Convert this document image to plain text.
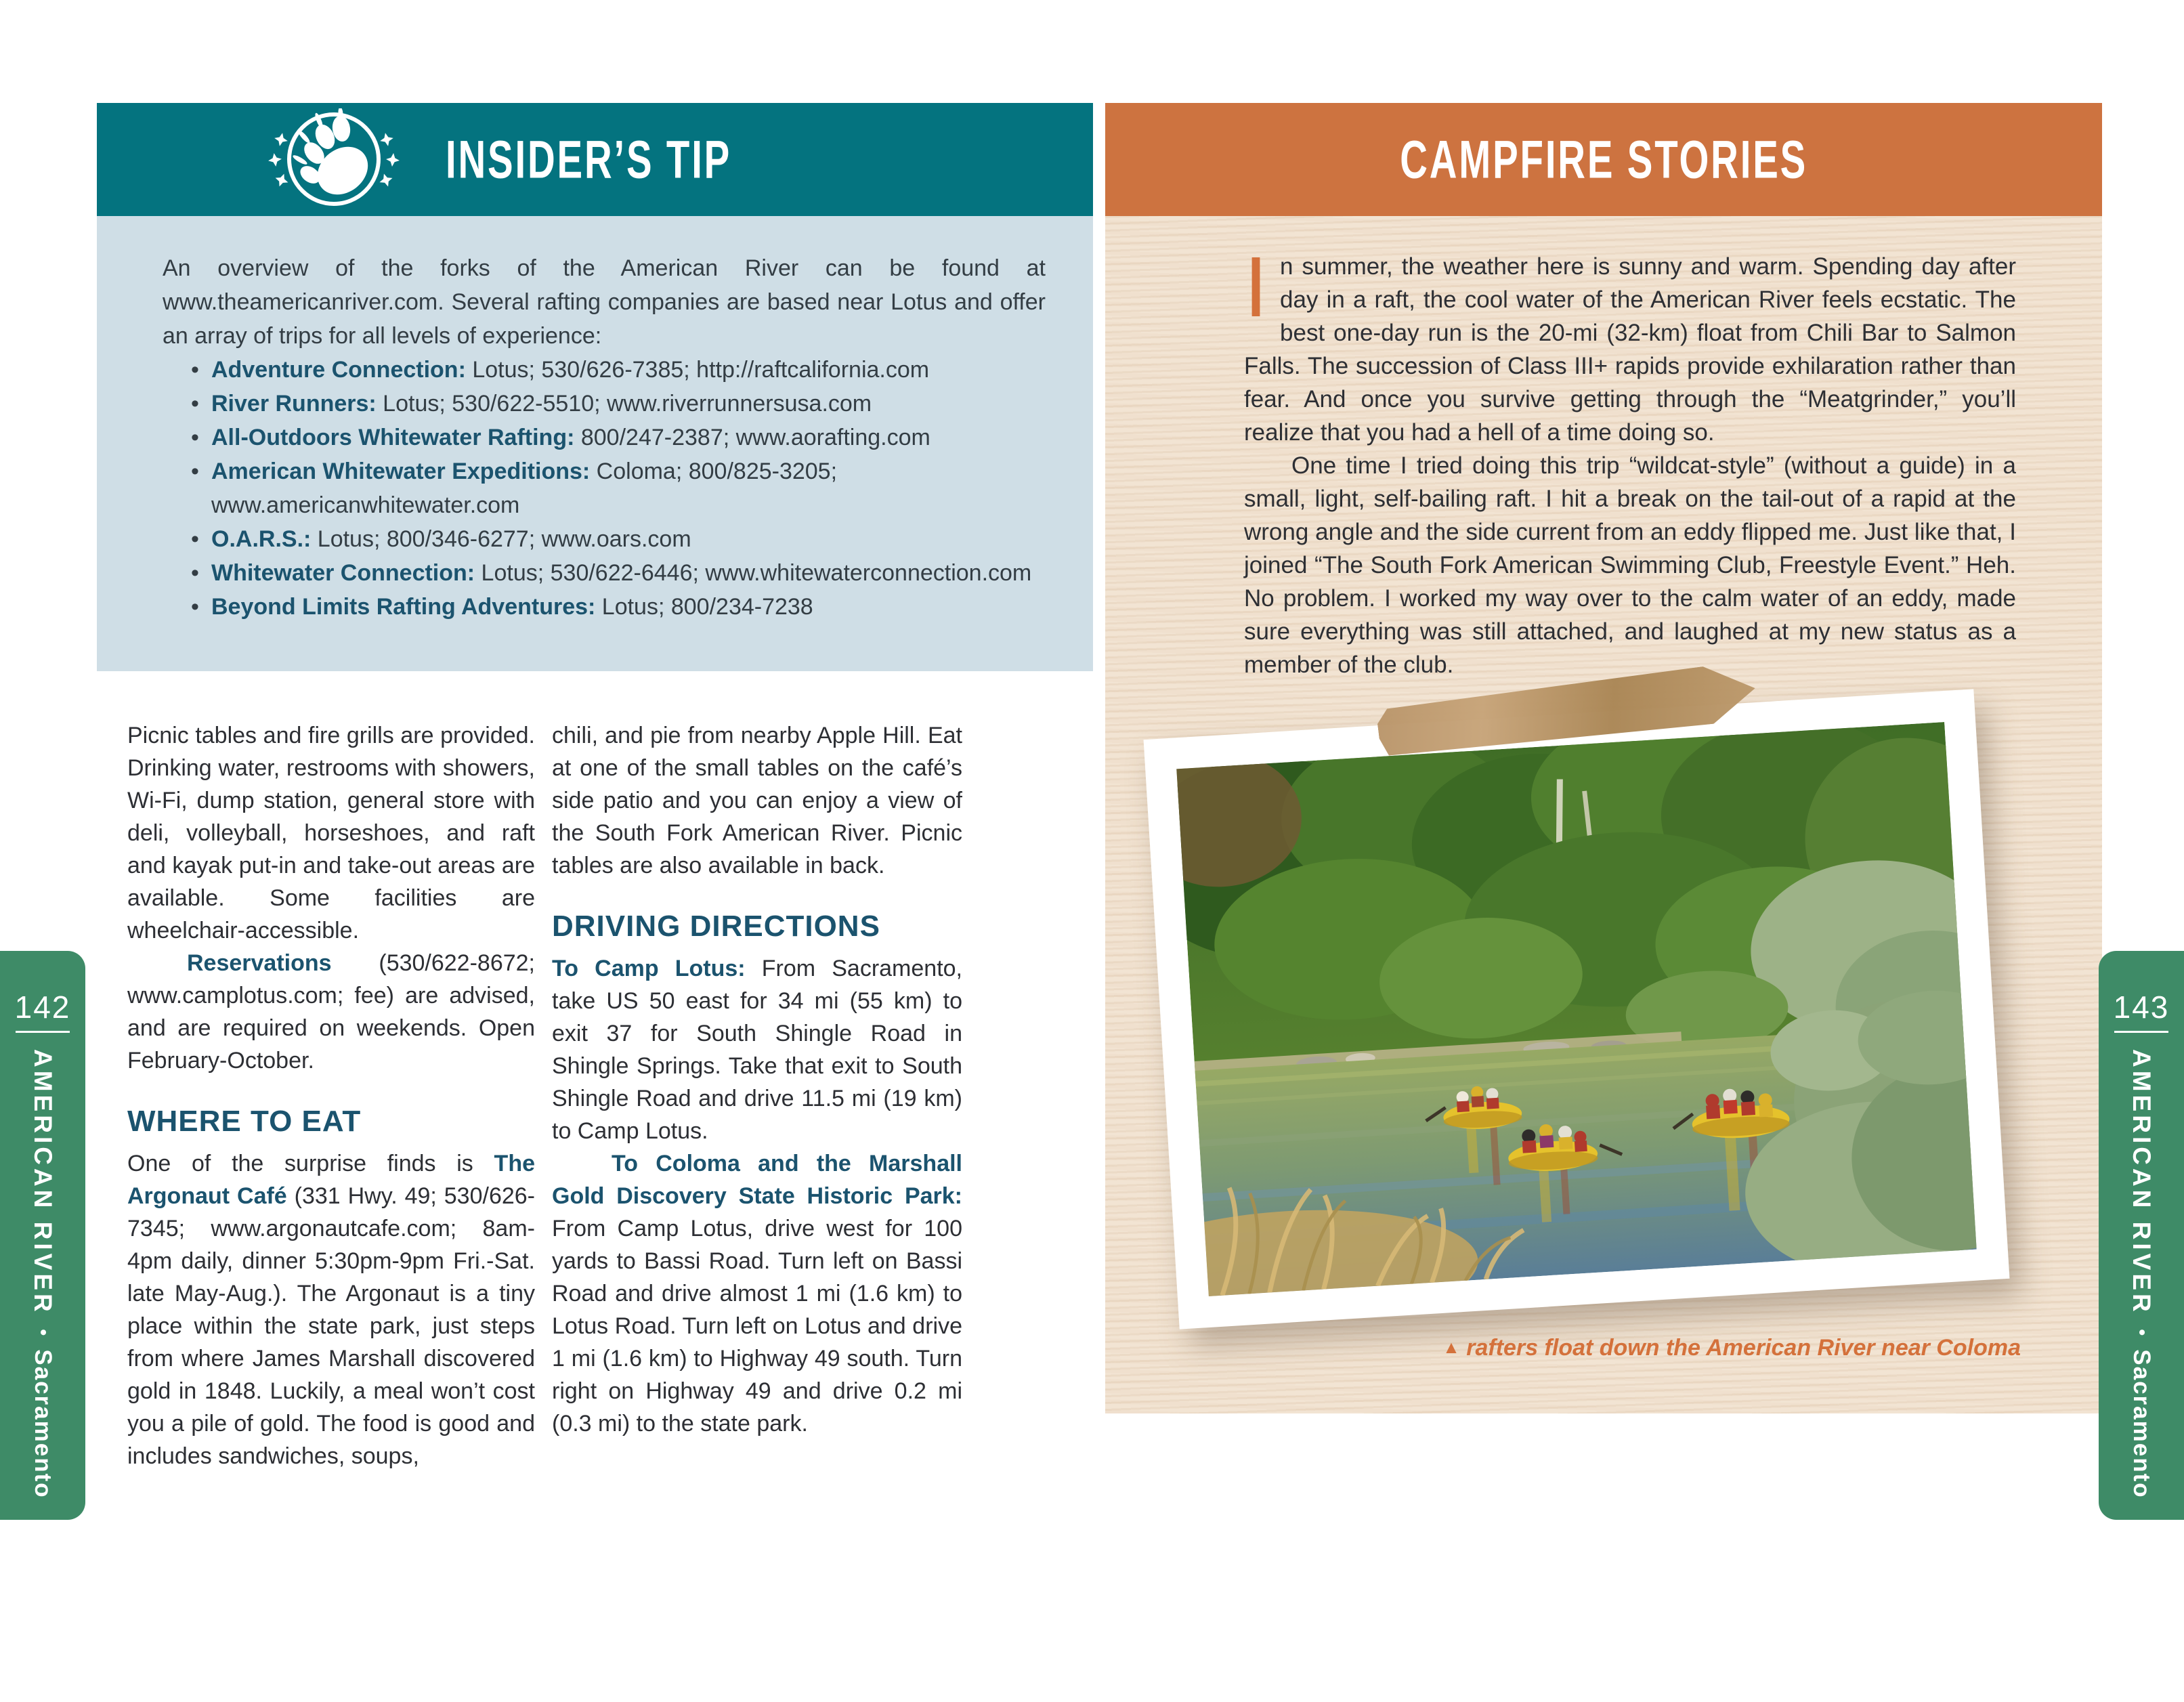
INSIDER’S TIP

An overview of the forks of the American River can be found at www.theamericanriver.com. Several rafting companies are based near Lotus and offer an array of trips for all levels of experience:

• Adventure Connection: Lotus; 530/626-7385; http://raftcalifornia.com
• River Runners: Lotus; 530/622-5510; www.riverrunnersusa.com
• All-Outdoors Whitewater Rafting: 800/247-2387; www.aorafting.com
• American Whitewater Expeditions: Coloma; 800/825-3205; www.americanwhitewater.com
• O.A.R.S.: Lotus; 800/346-6277; www.oars.com
• Whitewater Connection: Lotus; 530/622-6446; www.whitewaterconnection.com
• Beyond Limits Rafting Adventures: Lotus; 800/234-7238

Picnic tables and fire grills are provided. Drinking water, restrooms with showers, Wi-Fi, dump station, general store with deli, volleyball, horseshoes, and raft and kayak put-in and take-out areas are available. Some facilities are wheelchair-accessible.

Reservations (530/622-8672; www.camplotus.com; fee) are advised, and are required on weekends. Open February-October.

WHERE TO EAT

One of the surprise finds is The Argonaut Café (331 Hwy. 49; 530/626-7345; www.argonautcafe.com; 8am-4pm daily, dinner 5:30pm-9pm Fri.-Sat. late May-Aug.). The Argonaut is a tiny place within the state park, just steps from where James Marshall discovered gold in 1848. Luckily, a meal won’t cost you a pile of gold. The food is good and includes sandwiches, soups,

chili, and pie from nearby Apple Hill. Eat at one of the small tables on the café’s side patio and you can enjoy a view of the South Fork American River. Picnic tables are also available in back.

DRIVING DIRECTIONS

To Camp Lotus: From Sacramento, take US 50 east for 34 mi (55 km) to exit 37 for South Shingle Road in Shingle Springs. Take that exit to South Shingle Road and drive 11.5 mi (19 km) to Camp Lotus.

To Coloma and the Marshall Gold Discovery State Historic Park: From Camp Lotus, drive west for 100 yards to Bassi Road. Turn left on Bassi Road and drive almost 1 mi (1.6 km) to Lotus Road. Turn left on Lotus and drive 1 mi (1.6 km) to Highway 49 south. Turn right on Highway 49 and drive 0.2 mi (0.3 mi) to the state park.

CAMPFIRE STORIES

In summer, the weather here is sunny and warm. Spending day after day in a raft, the cool water of the American River feels ecstatic. The best one-day run is the 20-mi (32-km) float from Chili Bar to Salmon Falls. The succession of Class III+ rapids provide exhilaration rather than fear. And once you survive getting through the “Meatgrinder,” you’ll realize that you had a hell of a time doing so.

One time I tried doing this trip “wildcat-style” (without a guide) in a small, light, self-bailing raft. I hit a break on the tail-out of a rapid at the wrong angle and the side current from an eddy flipped me. Just like that, I joined “The South Fork American Swimming Club, Freestyle Event.” Heh. No problem. I worked my way over to the calm water of an eddy, made sure everything was still attached, and laughed at my new status as a member of the club.

▲ rafters float down the American River near Coloma

142
AMERICAN RIVER•Sacramento
143
AMERICAN RIVER•Sacramento
